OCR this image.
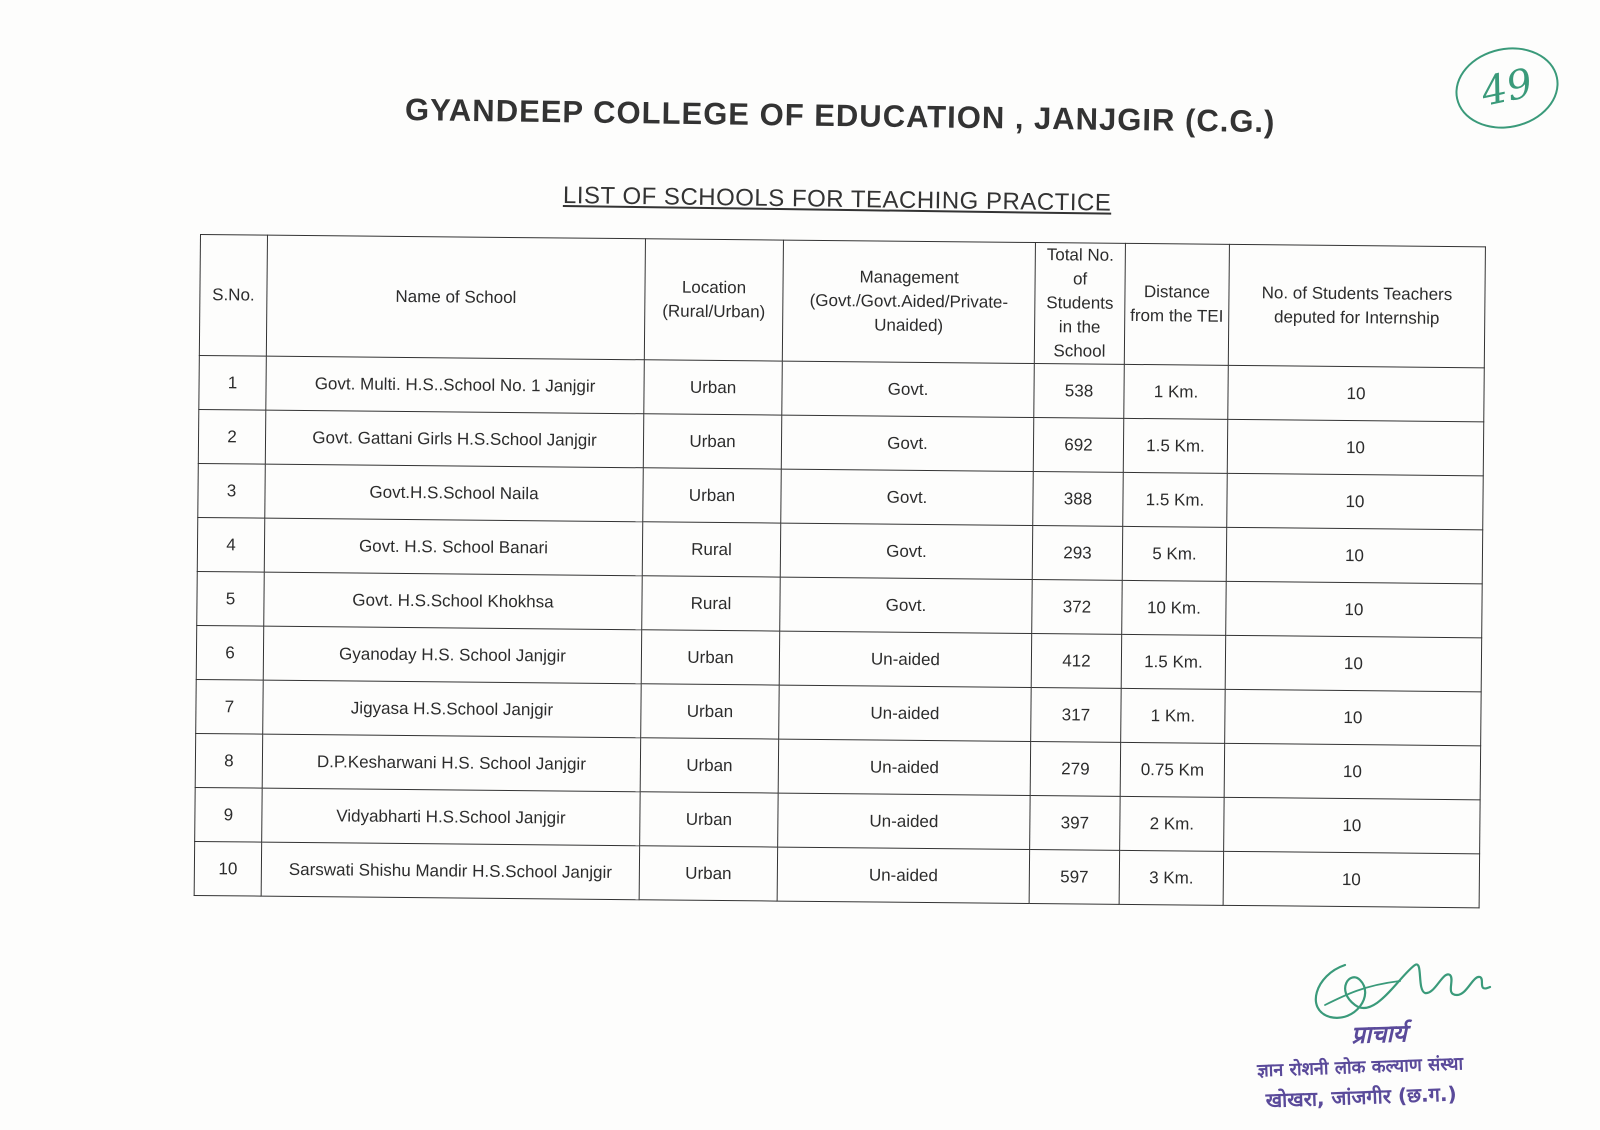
49
GYANDEEP COLLEGE OF EDUCATION , JANJGIR (C.G.)
LIST OF SCHOOLS FOR TEACHING PRACTICE
S.No.	Name of School	Location (Rural/Urban)	Management (Govt./Govt.Aided/Private-Unaided)	Total No. of Students in the School	Distance from the TEI	No. of Students Teachers deputed for Internship
1	Govt. Multi. H.S..School No. 1 Janjgir	Urban	Govt.	538	1 Km.	10
2	Govt. Gattani Girls H.S.School Janjgir	Urban	Govt.	692	1.5 Km.	10
3	Govt.H.S.School Naila	Urban	Govt.	388	1.5 Km.	10
4	Govt. H.S. School Banari	Rural	Govt.	293	5 Km.	10
5	Govt. H.S.School Khokhsa	Rural	Govt.	372	10 Km.	10
6	Gyanoday H.S. School Janjgir	Urban	Un-aided	412	1.5 Km.	10
7	Jigyasa H.S.School Janjgir	Urban	Un-aided	317	1 Km.	10
8	D.P.Kesharwani H.S. School Janjgir	Urban	Un-aided	279	0.75 Km	10
9	Vidyabharti H.S.School Janjgir	Urban	Un-aided	397	2 Km.	10
10	Sarswati Shishu Mandir H.S.School Janjgir	Urban	Un-aided	597	3 Km.	10
प्राचार्य
ज्ञान रोशनी लोक कल्याण संस्था
खोखरा, जांजगीर (छ.ग.)
